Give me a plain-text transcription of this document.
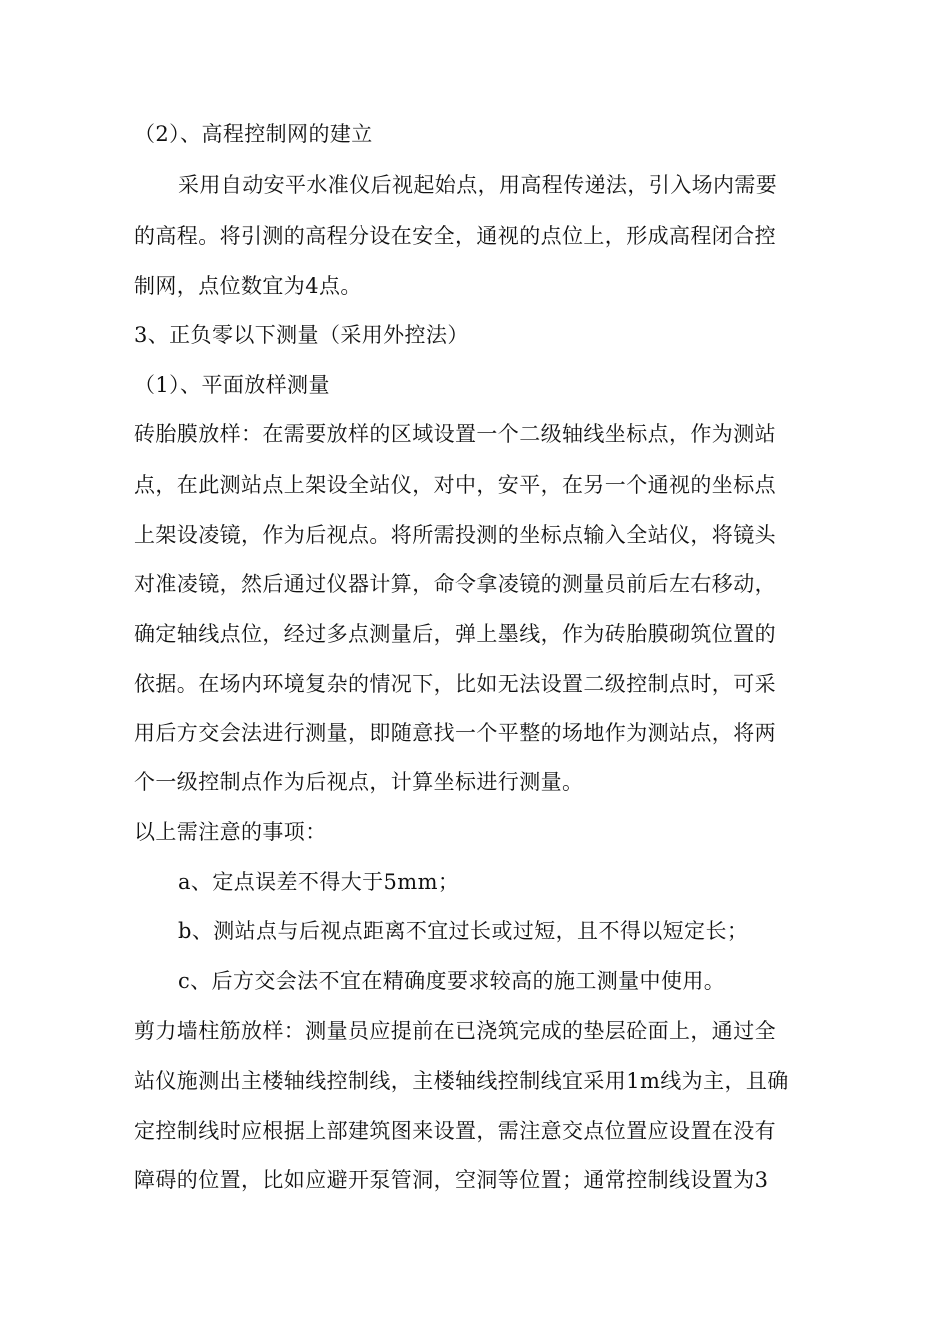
（2）、高程控制网的建立
采用自动安平水准仪后视起始点，用高程传递法，引入场内需要
的高程。将引测的高程分设在安全，通视的点位上，形成高程闭合控
制网，点位数宜为4点。
3、正负零以下测量（采用外控法）
（1）、平面放样测量
砖胎膜放样：在需要放样的区域设置一个二级轴线坐标点，作为测站
点，在此测站点上架设全站仪，对中，安平，在另一个通视的坐标点
上架设凌镜，作为后视点。将所需投测的坐标点输入全站仪，将镜头
对准凌镜，然后通过仪器计算，命令拿凌镜的测量员前后左右移动，
确定轴线点位，经过多点测量后，弹上墨线，作为砖胎膜砌筑位置的
依据。在场内环境复杂的情况下，比如无法设置二级控制点时，可采
用后方交会法进行测量，即随意找一个平整的场地作为测站点，将两
个一级控制点作为后视点，计算坐标进行测量。
以上需注意的事项：
a、定点误差不得大于5mm；
b、测站点与后视点距离不宜过长或过短，且不得以短定长；
c、后方交会法不宜在精确度要求较高的施工测量中使用。
剪力墙柱筋放样：测量员应提前在已浇筑完成的垫层砼面上，通过全
站仪施测出主楼轴线控制线，主楼轴线控制线宜采用1m线为主，且确
定控制线时应根据上部建筑图来设置，需注意交点位置应设置在没有
障碍的位置，比如应避开泵管洞，空洞等位置；通常控制线设置为3
